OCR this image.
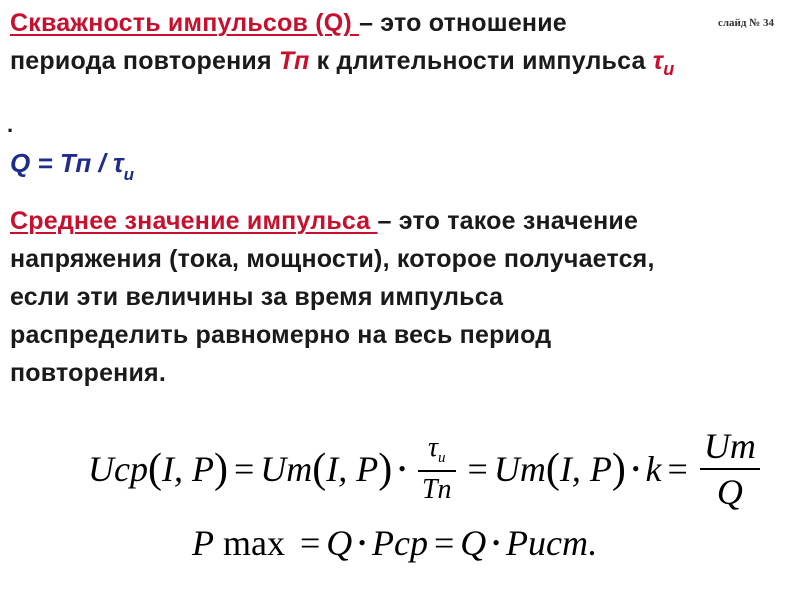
слайд № 34

Скважность импульсов (Q) – это отношение
периода повторения Тп к длительности импульса $\tau_и$

.

Q = Тп / $\tau_и$

Среднее значение импульса – это такое значение
напряжения (тока, мощности), которое получается,
если эти величины за время импульса
распределить равномерно на весь период
повторения.

Ucp ( I, P ) = Um ( I, P ) • $\frac{\tau_и}{Tn} = Um$ ( I, P ) • $k = \frac{Um}{Q}$
P max = Q • Pcp = Q • Pист.
